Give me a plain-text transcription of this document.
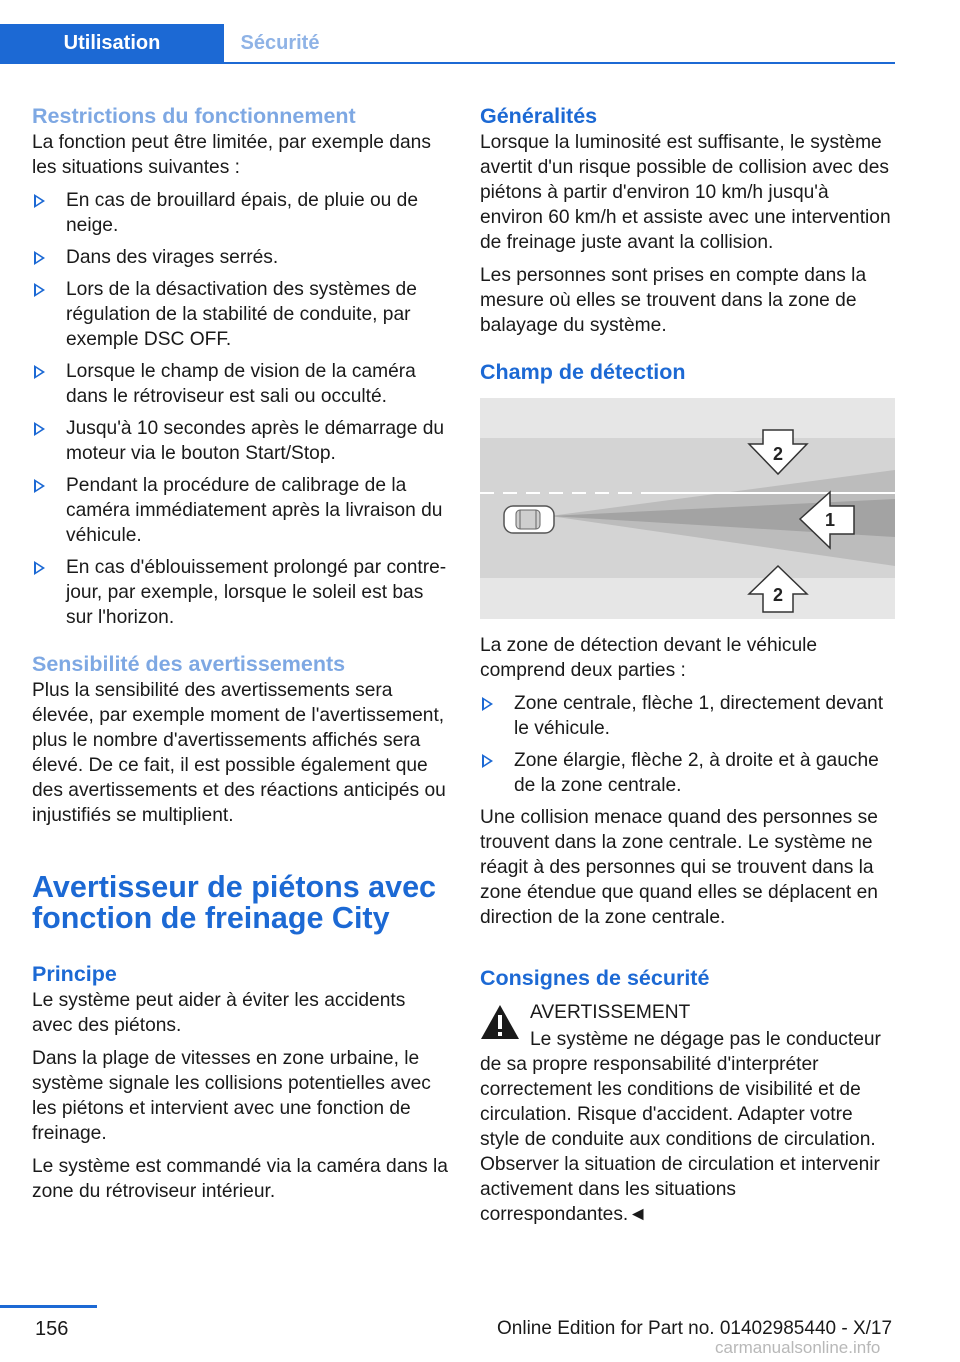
Utilisation	Sécurité
Restrictions du fonctionnement

La fonction peut être limitée, par exemple dans les situations suivantes :

En cas de brouillard épais, de pluie ou de neige.
Dans des virages serrés.
Lors de la désactivation des systèmes de régulation de la stabilité de conduite, par exemple DSC OFF.
Lorsque le champ de vision de la caméra dans le rétroviseur est sali ou occulté.
Jusqu'à 10 secondes après le démarrage du moteur via le bouton Start/Stop.
Pendant la procédure de calibrage de la caméra immédiatement après la livraison du véhicule.
En cas d'éblouissement prolongé par contre-jour, par exemple, lorsque le soleil est bas sur l'horizon.
Sensibilité des avertissements

Plus la sensibilité des avertissements sera élevée, par exemple moment de l'avertissement, plus le nombre d'avertissements affichés sera élevé. De ce fait, il est possible également que des avertissements et des réactions anticipés ou injustifiés se multiplient.

Avertisseur de piétons avec fonction de freinage City
Principe

Le système peut aider à éviter les accidents avec des piétons.

Dans la plage de vitesses en zone urbaine, le système signale les collisions potentielles avec les piétons et intervient avec une fonction de freinage.

Le système est commandé via la caméra dans la zone du rétroviseur intérieur.

Généralités

Lorsque la luminosité est suffisante, le système avertit d'un risque possible de collision avec des piétons à partir d'environ 10 km/h jusqu'à environ 60 km/h et assiste avec une intervention de freinage juste avant la collision.

Les personnes sont prises en compte dans la mesure où elles se trouvent dans la zone de balayage du système.

Champ de détection
2
1
2

La zone de détection devant le véhicule comprend deux parties :

Zone centrale, flèche 1, directement devant le véhicule.
Zone élargie, flèche 2, à droite et à gauche de la zone centrale.

Une collision menace quand des personnes se trouvent dans la zone centrale. Le système ne réagit à des personnes qui se trouvent dans la zone étendue que quand elles se déplacent en direction de la zone centrale.

Consignes de sécurité

AVERTISSEMENT

Le système ne dégage pas le conducteur

de sa propre responsabilité d'interpréter correctement les conditions de visibilité et de circulation. Risque d'accident. Adapter votre style de conduite aux conditions de circulation. Observer la situation de circulation et intervenir activement dans les situations correspondantes.◄

156	Online Edition for Part no. 01402985440 - X/17
carmanualsonline.info
